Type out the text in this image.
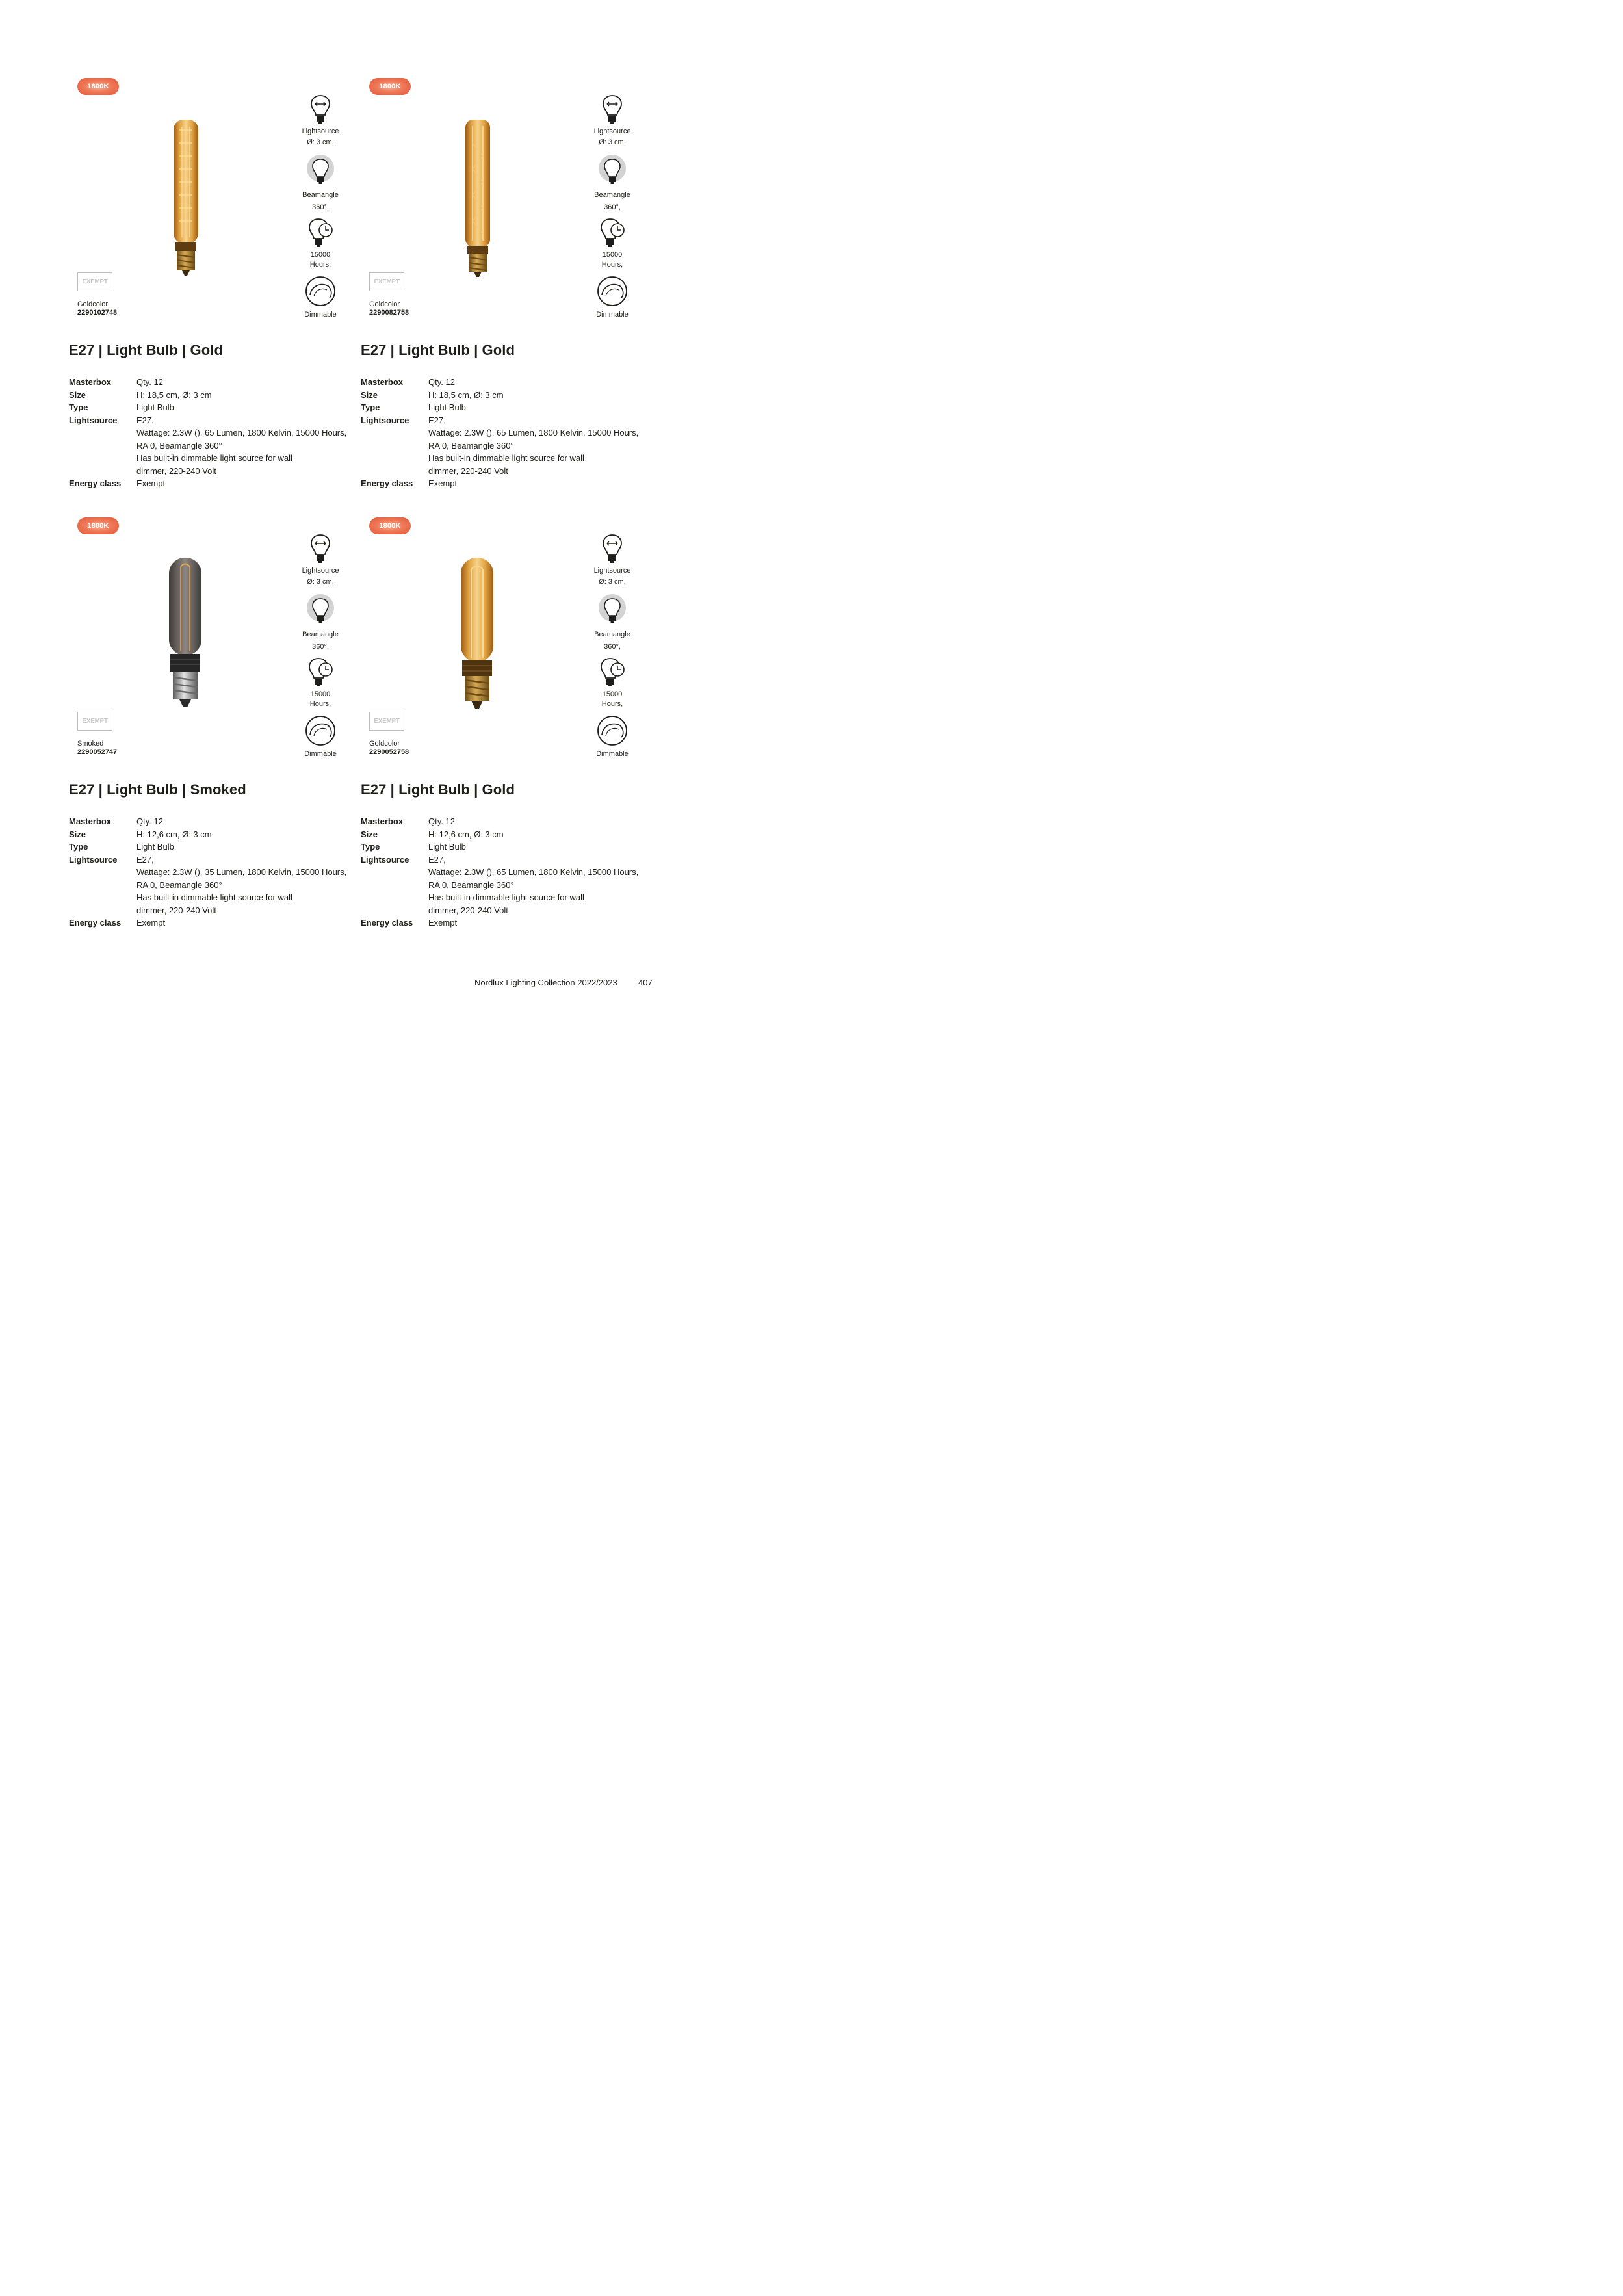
1800K
EXEMPT
Goldcolor
2290102748
Lightsource
Ø: 3 cm,
Beamangle
360°,
15000
Hours,
Dimmable
E27 | Light Bulb | Gold
Masterbox	Qty. 12
Size	H: 18,5 cm, Ø: 3 cm
Type	Light Bulb
Lightsource	E27,
Wattage: 2.3W (), 65 Lumen, 1800 Kelvin, 15000 Hours,
RA 0, Beamangle 360°
Has built-in dimmable light source for wall
dimmer, 220-240 Volt
Energy class	Exempt
1800K
EXEMPT
Goldcolor
2290082758
Lightsource
Ø: 3 cm,
Beamangle
360°,
15000
Hours,
Dimmable
E27 | Light Bulb | Gold
Masterbox	Qty. 12
Size	H: 18,5 cm, Ø: 3 cm
Type	Light Bulb
Lightsource	E27,
Wattage: 2.3W (), 65 Lumen, 1800 Kelvin, 15000 Hours,
RA 0, Beamangle 360°
Has built-in dimmable light source for wall
dimmer, 220-240 Volt
Energy class	Exempt
1800K
EXEMPT
Smoked
2290052747
Lightsource
Ø: 3 cm,
Beamangle
360°,
15000
Hours,
Dimmable
E27 | Light Bulb | Smoked
Masterbox	Qty. 12
Size	H: 12,6 cm, Ø: 3 cm
Type	Light Bulb
Lightsource	E27,
Wattage: 2.3W (), 35 Lumen, 1800 Kelvin, 15000 Hours,
RA 0, Beamangle 360°
Has built-in dimmable light source for wall
dimmer, 220-240 Volt
Energy class	Exempt
1800K
EXEMPT
Goldcolor
2290052758
Lightsource
Ø: 3 cm,
Beamangle
360°,
15000
Hours,
Dimmable
E27 | Light Bulb | Gold
Masterbox	Qty. 12
Size	H: 12,6 cm, Ø: 3 cm
Type	Light Bulb
Lightsource	E27,
Wattage: 2.3W (), 65 Lumen, 1800 Kelvin, 15000 Hours,
RA 0, Beamangle 360°
Has built-in dimmable light source for wall
dimmer, 220-240 Volt
Energy class	Exempt
Nordlux Lighting Collection 2022/2023 407
